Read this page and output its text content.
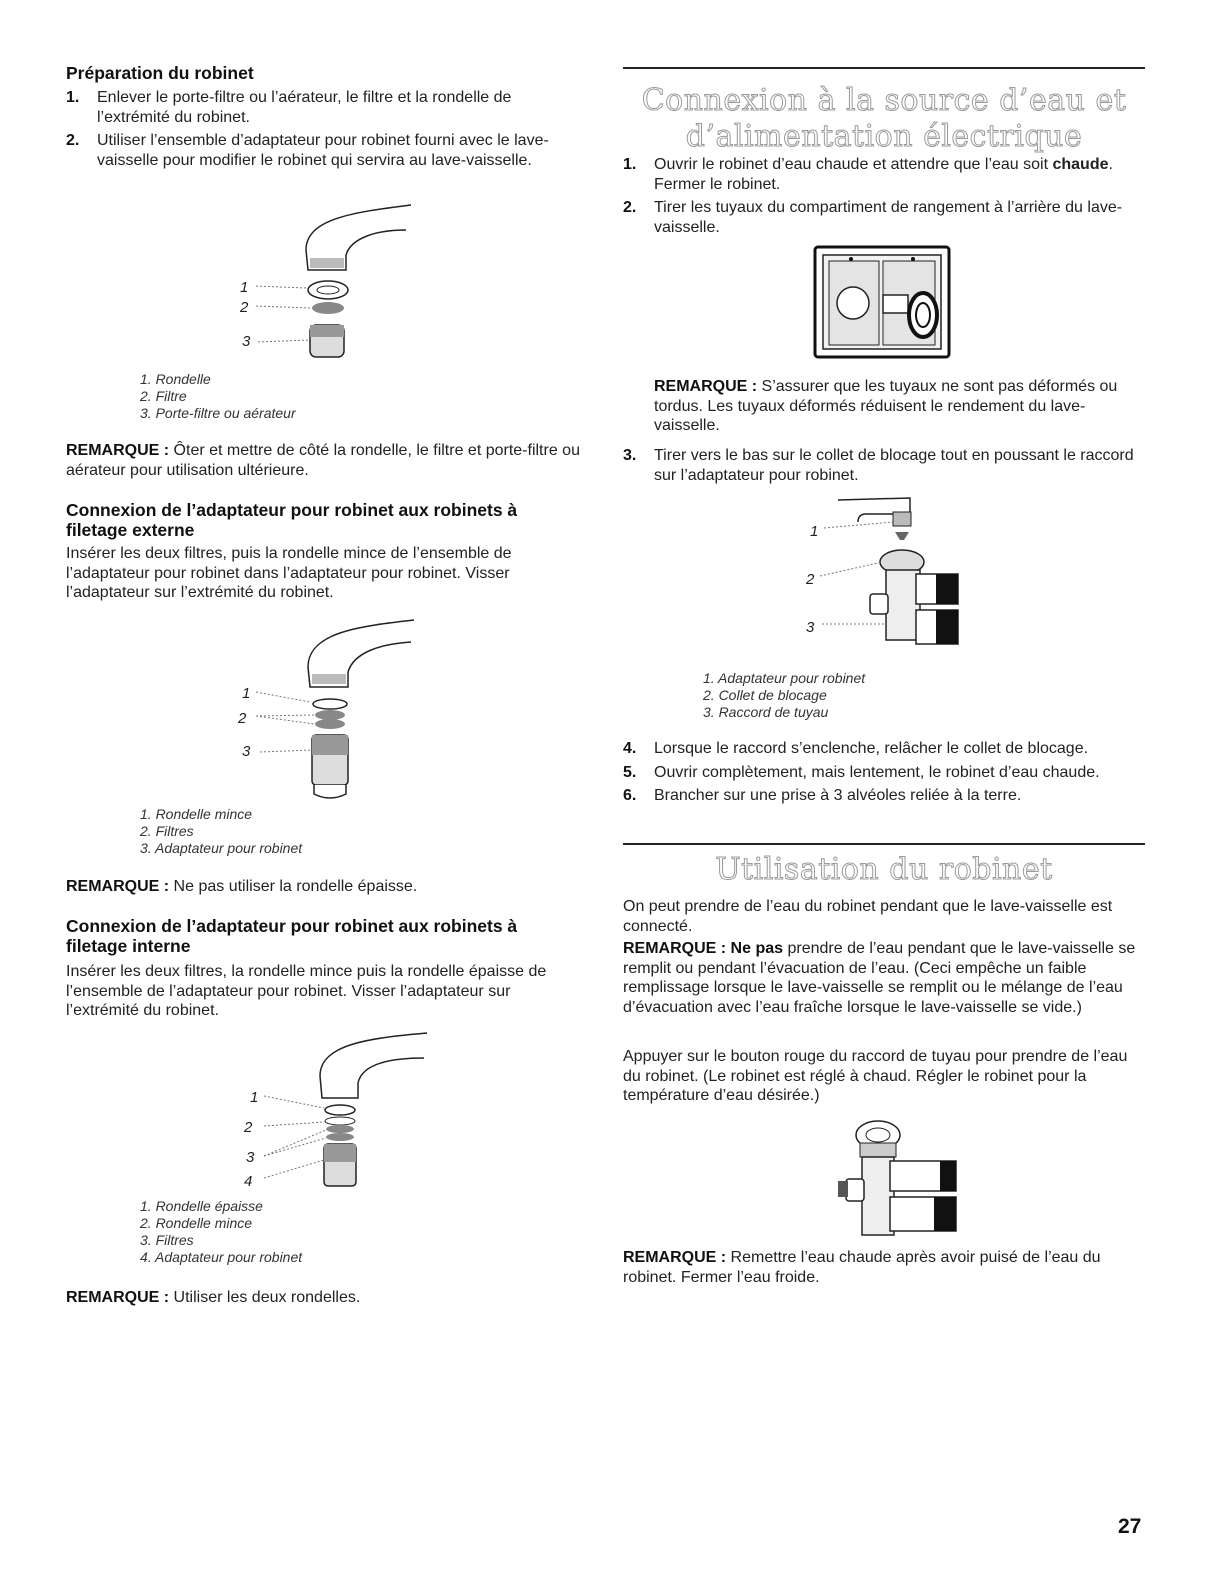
Préparation du robinet
1. Enlever le porte-filtre ou l’aérateur, le filtre et la rondelle de l’extrémité du robinet.
2. Utiliser l’ensemble d’adaptateur pour robinet fourni avec le lave-vaisselle pour modifier le robinet qui servira au lave-vaisselle.
1
2
3
1. Rondelle
2. Filtre
3. Porte-filtre ou aérateur

REMARQUE : Ôter et mettre de côté la rondelle, le filtre et porte-filtre ou aérateur pour utilisation ultérieure.

Connexion de l’adaptateur pour robinet aux robinets à filetage externe

Insérer les deux filtres, puis la rondelle mince de l’ensemble de l’adaptateur pour robinet dans l’adaptateur pour robinet. Visser l’adaptateur sur l’extrémité du robinet.

1
2
3
1. Rondelle mince
2. Filtres
3. Adaptateur pour robinet

REMARQUE : Ne pas utiliser la rondelle épaisse.

Connexion de l’adaptateur pour robinet aux robinets à filetage interne

Insérer les deux filtres, la rondelle mince puis la rondelle épaisse de l’ensemble de l’adaptateur pour robinet. Visser l’adaptateur sur l’extrémité du robinet.

1
2
3
4
1. Rondelle épaisse
2. Rondelle mince
3. Filtres
4. Adaptateur pour robinet

REMARQUE : Utiliser les deux rondelles.

Connexion à la source d’eau et
d’alimentation électrique
1. Ouvrir le robinet d’eau chaude et attendre que l’eau soit chaude. Fermer le robinet.
2. Tirer les tuyaux du compartiment de rangement à l’arrière du lave-vaisselle.

REMARQUE : S’assurer que les tuyaux ne sont pas déformés ou tordus. Les tuyaux déformés réduisent le rendement du lave-vaisselle.

3. Tirer vers le bas sur le collet de blocage tout en poussant le raccord sur l’adaptateur pour robinet.
1
2
3
1. Adaptateur pour robinet
2. Collet de blocage
3. Raccord de tuyau
4. Lorsque le raccord s’enclenche, relâcher le collet de blocage.
5. Ouvrir complètement, mais lentement, le robinet d’eau chaude.
6. Brancher sur une prise à 3 alvéoles reliée à la terre.
Utilisation du robinet

On peut prendre de l’eau du robinet pendant que le lave-vaisselle est connecté.

REMARQUE : Ne pas prendre de l’eau pendant que le lave-vaisselle se remplit ou pendant l’évacuation de l’eau. (Ceci empêche un faible remplissage lorsque le lave-vaisselle se remplit ou le mélange de l’eau d’évacuation avec l’eau fraîche lorsque le lave-vaisselle se vide.)

Appuyer sur le bouton rouge du raccord de tuyau pour prendre de l’eau du robinet. (Le robinet est réglé à chaud. Régler le robinet pour la température d’eau désirée.)

REMARQUE : Remettre l’eau chaude après avoir puisé de l’eau du robinet. Fermer l’eau froide.

27
